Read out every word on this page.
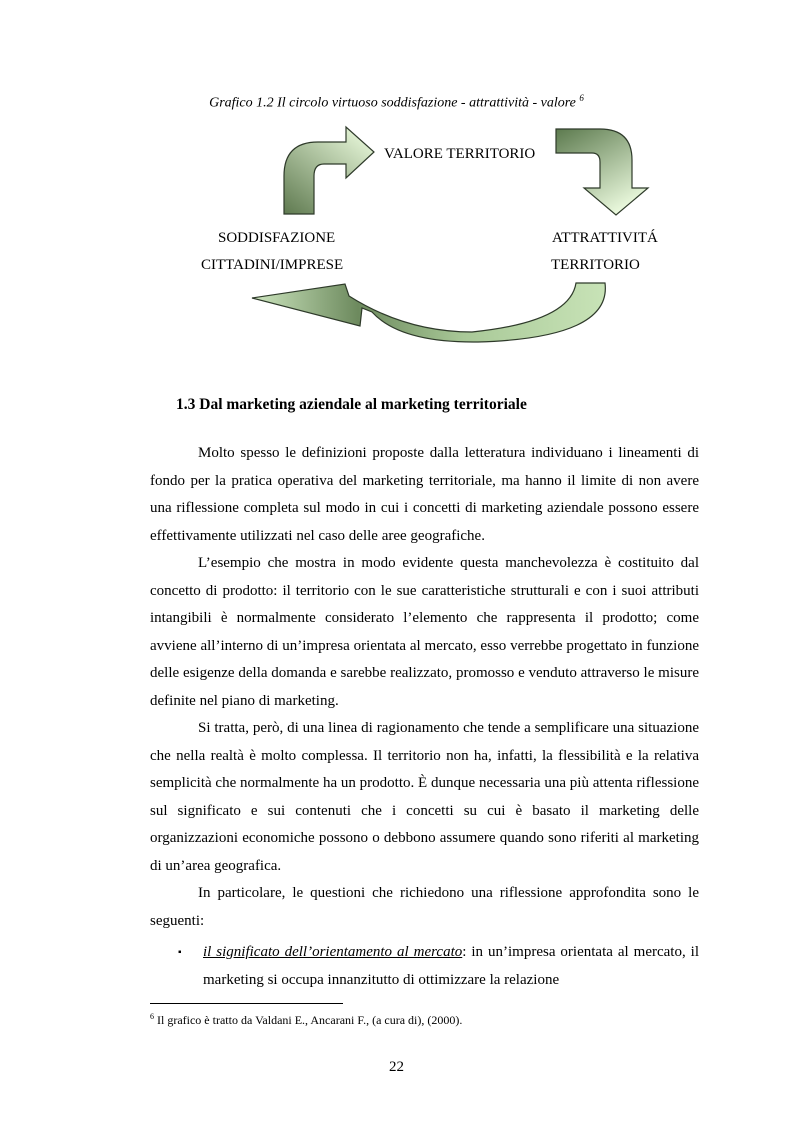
Grafico 1.2 Il circolo virtuoso soddisfazione - attrattività - valore $^6$
VALORE TERRITORIO
SODDISFAZIONE
CITTADINI/IMPRESE
ATTRATTIVITÁ
TERRITORIO
1.3 Dal marketing aziendale al marketing territoriale

Molto spesso le definizioni proposte dalla letteratura individuano i lineamenti di fondo per la pratica operativa del marketing territoriale, ma hanno il limite di non avere una riflessione completa sul modo in cui i concetti di marketing aziendale possono essere effettivamente utilizzati nel caso delle aree geografiche.

L’esempio che mostra in modo evidente questa manchevolezza è costituito dal concetto di prodotto: il territorio con le sue caratteristiche strutturali e con i suoi attributi intangibili è normalmente considerato l’elemento che rappresenta il prodotto; come avviene all’interno di un’impresa orientata al mercato, esso verrebbe progettato in funzione delle esigenze della domanda e sarebbe realizzato, promosso e venduto attraverso le misure definite nel piano di marketing.

Si tratta, però, di una linea di ragionamento che tende a semplificare una situazione che nella realtà è molto complessa. Il territorio non ha, infatti, la flessibilità e la relativa semplicità che normalmente ha un prodotto. È dunque necessaria una più attenta riflessione sul significato e sui contenuti che i concetti su cui è basato il marketing delle organizzazioni economiche possono o debbono assumere quando sono riferiti al marketing di un’area geografica.

In particolare, le questioni che richiedono una riflessione approfondita sono le seguenti:

▪ il significato dell’orientamento al mercato: in un’impresa orientata al mercato, il marketing si occupa innanzitutto di ottimizzare la relazione
$^6$ Il grafico è tratto da Valdani E., Ancarani F., (a cura di), (2000).
22
